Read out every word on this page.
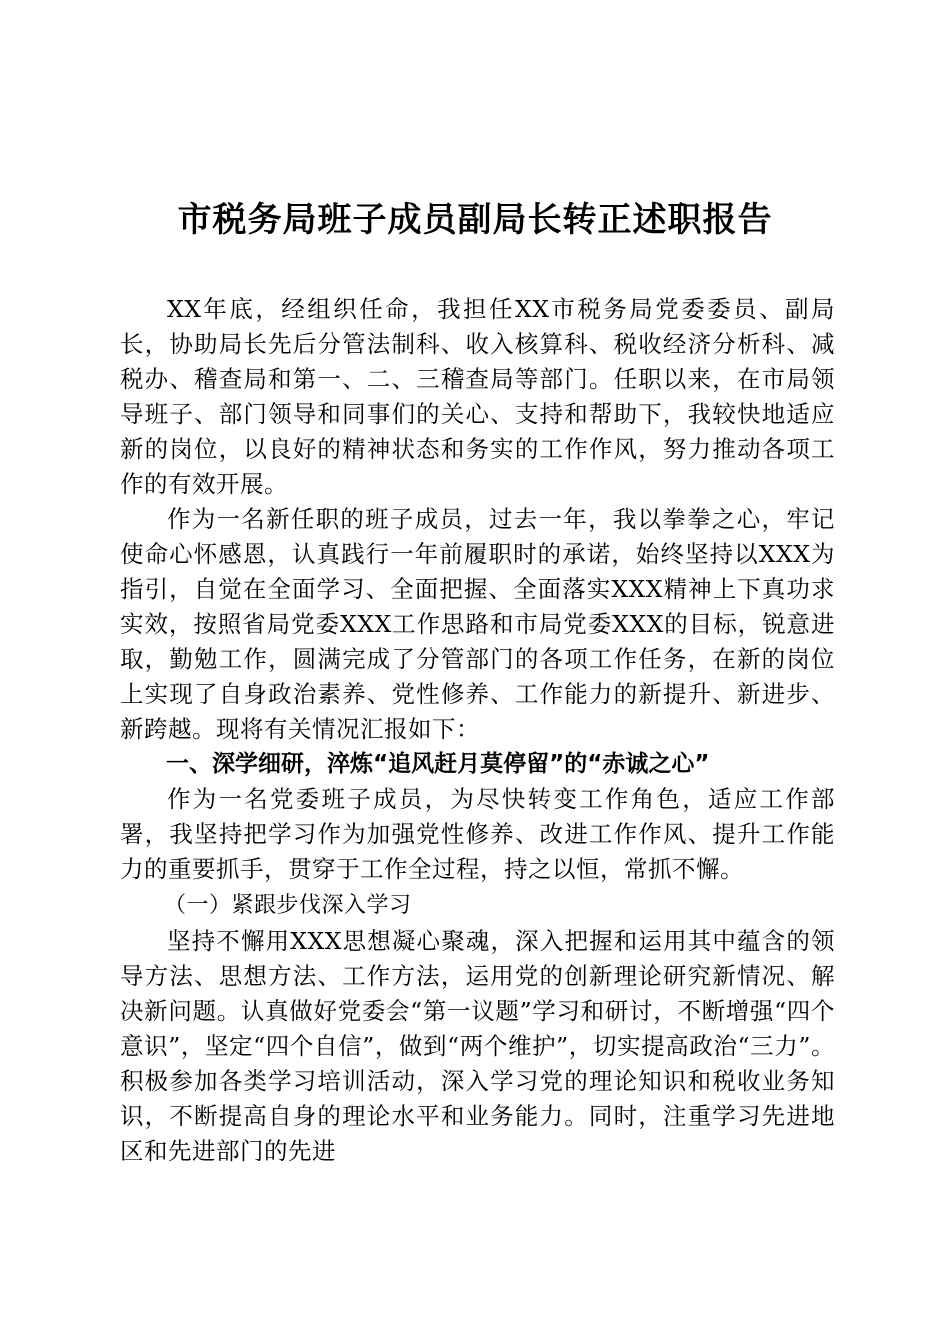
市税务局班子成员副局长转正述职报告

XX年底，经组织任命，我担任XX市税务局党委委员、副局长，协助局长先后分管法制科、收入核算科、税收经济分析科、减税办、稽查局和第一、二、三稽查局等部门。任职以来，在市局领导班子、部门领导和同事们的关心、支持和帮助下，我较快地适应新的岗位，以良好的精神状态和务实的工作作风，努力推动各项工作的有效开展。

作为一名新任职的班子成员，过去一年，我以拳拳之心，牢记使命心怀感恩，认真践行一年前履职时的承诺，始终坚持以XXX为指引，自觉在全面学习、全面把握、全面落实XXX精神上下真功求实效，按照省局党委XXX工作思路和市局党委XXX的目标，锐意进取，勤勉工作，圆满完成了分管部门的各项工作任务，在新的岗位上实现了自身政治素养、党性修养、工作能力的新提升、新进步、新跨越。现将有关情况汇报如下：

一、深学细研，淬炼“追风赶月莫停留”的“赤诚之心”

作为一名党委班子成员，为尽快转变工作角色，适应工作部署，我坚持把学习作为加强党性修养、改进工作作风、提升工作能力的重要抓手，贯穿于工作全过程，持之以恒，常抓不懈。

（一）紧跟步伐深入学习

坚持不懈用XXX思想凝心聚魂，深入把握和运用其中蕴含的领导方法、思想方法、工作方法，运用党的创新理论研究新情况、解决新问题。认真做好党委会“第一议题”学习和研讨，不断增强“四个意识”，坚定“四个自信”，做到“两个维护”，切实提高政治“三力”。积极参加各类学习培训活动，深入学习党的理论知识和税收业务知识，不断提高自身的理论水平和业务能力。同时，注重学习先进地区和先进部门的先进
